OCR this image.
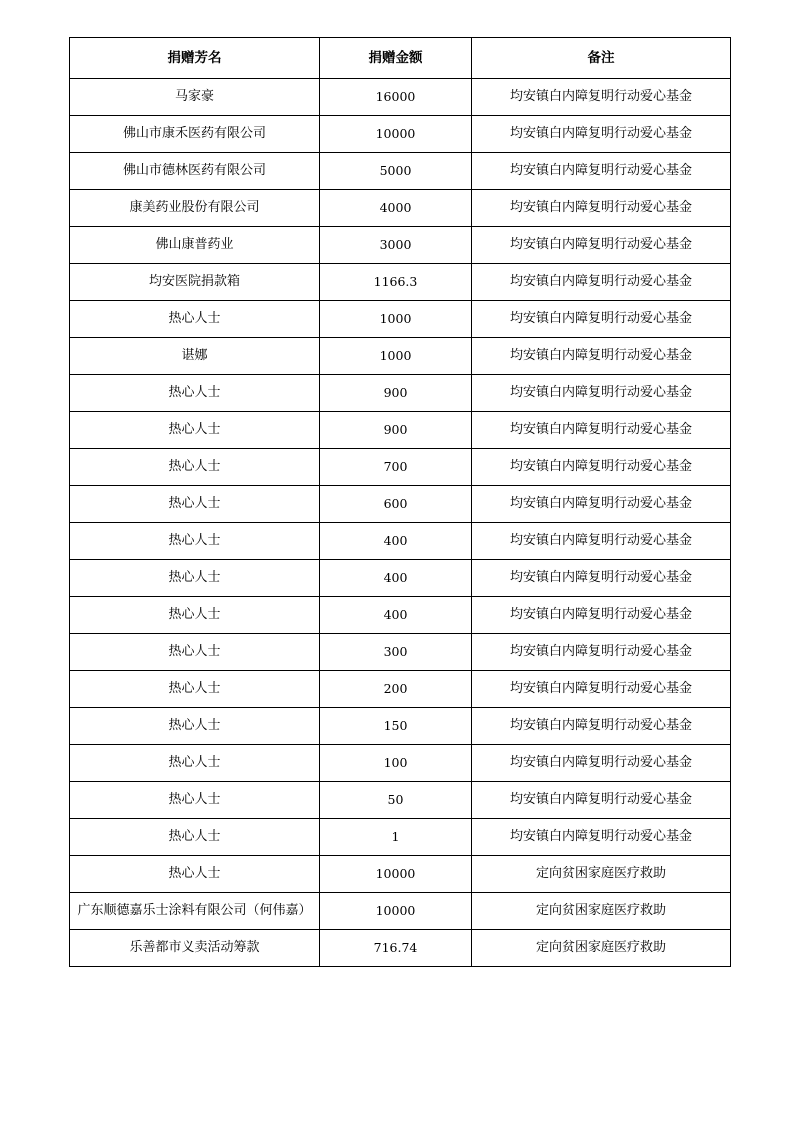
捐赠芳名	捐赠金额	备注
马家豪	16000	均安镇白内障复明行动爱心基金
佛山市康禾医药有限公司	10000	均安镇白内障复明行动爱心基金
佛山市德林医药有限公司	5000	均安镇白内障复明行动爱心基金
康美药业股份有限公司	4000	均安镇白内障复明行动爱心基金
佛山康普药业	3000	均安镇白内障复明行动爱心基金
均安医院捐款箱	1166.3	均安镇白内障复明行动爱心基金
热心人士	1000	均安镇白内障复明行动爱心基金
谌娜	1000	均安镇白内障复明行动爱心基金
热心人士	900	均安镇白内障复明行动爱心基金
热心人士	900	均安镇白内障复明行动爱心基金
热心人士	700	均安镇白内障复明行动爱心基金
热心人士	600	均安镇白内障复明行动爱心基金
热心人士	400	均安镇白内障复明行动爱心基金
热心人士	400	均安镇白内障复明行动爱心基金
热心人士	400	均安镇白内障复明行动爱心基金
热心人士	300	均安镇白内障复明行动爱心基金
热心人士	200	均安镇白内障复明行动爱心基金
热心人士	150	均安镇白内障复明行动爱心基金
热心人士	100	均安镇白内障复明行动爱心基金
热心人士	50	均安镇白内障复明行动爱心基金
热心人士	1	均安镇白内障复明行动爱心基金
热心人士	10000	定向贫困家庭医疗救助
广东顺德嘉乐士涂料有限公司（何伟嘉）	10000	定向贫困家庭医疗救助
乐善都市义卖活动筹款	716.74	定向贫困家庭医疗救助
